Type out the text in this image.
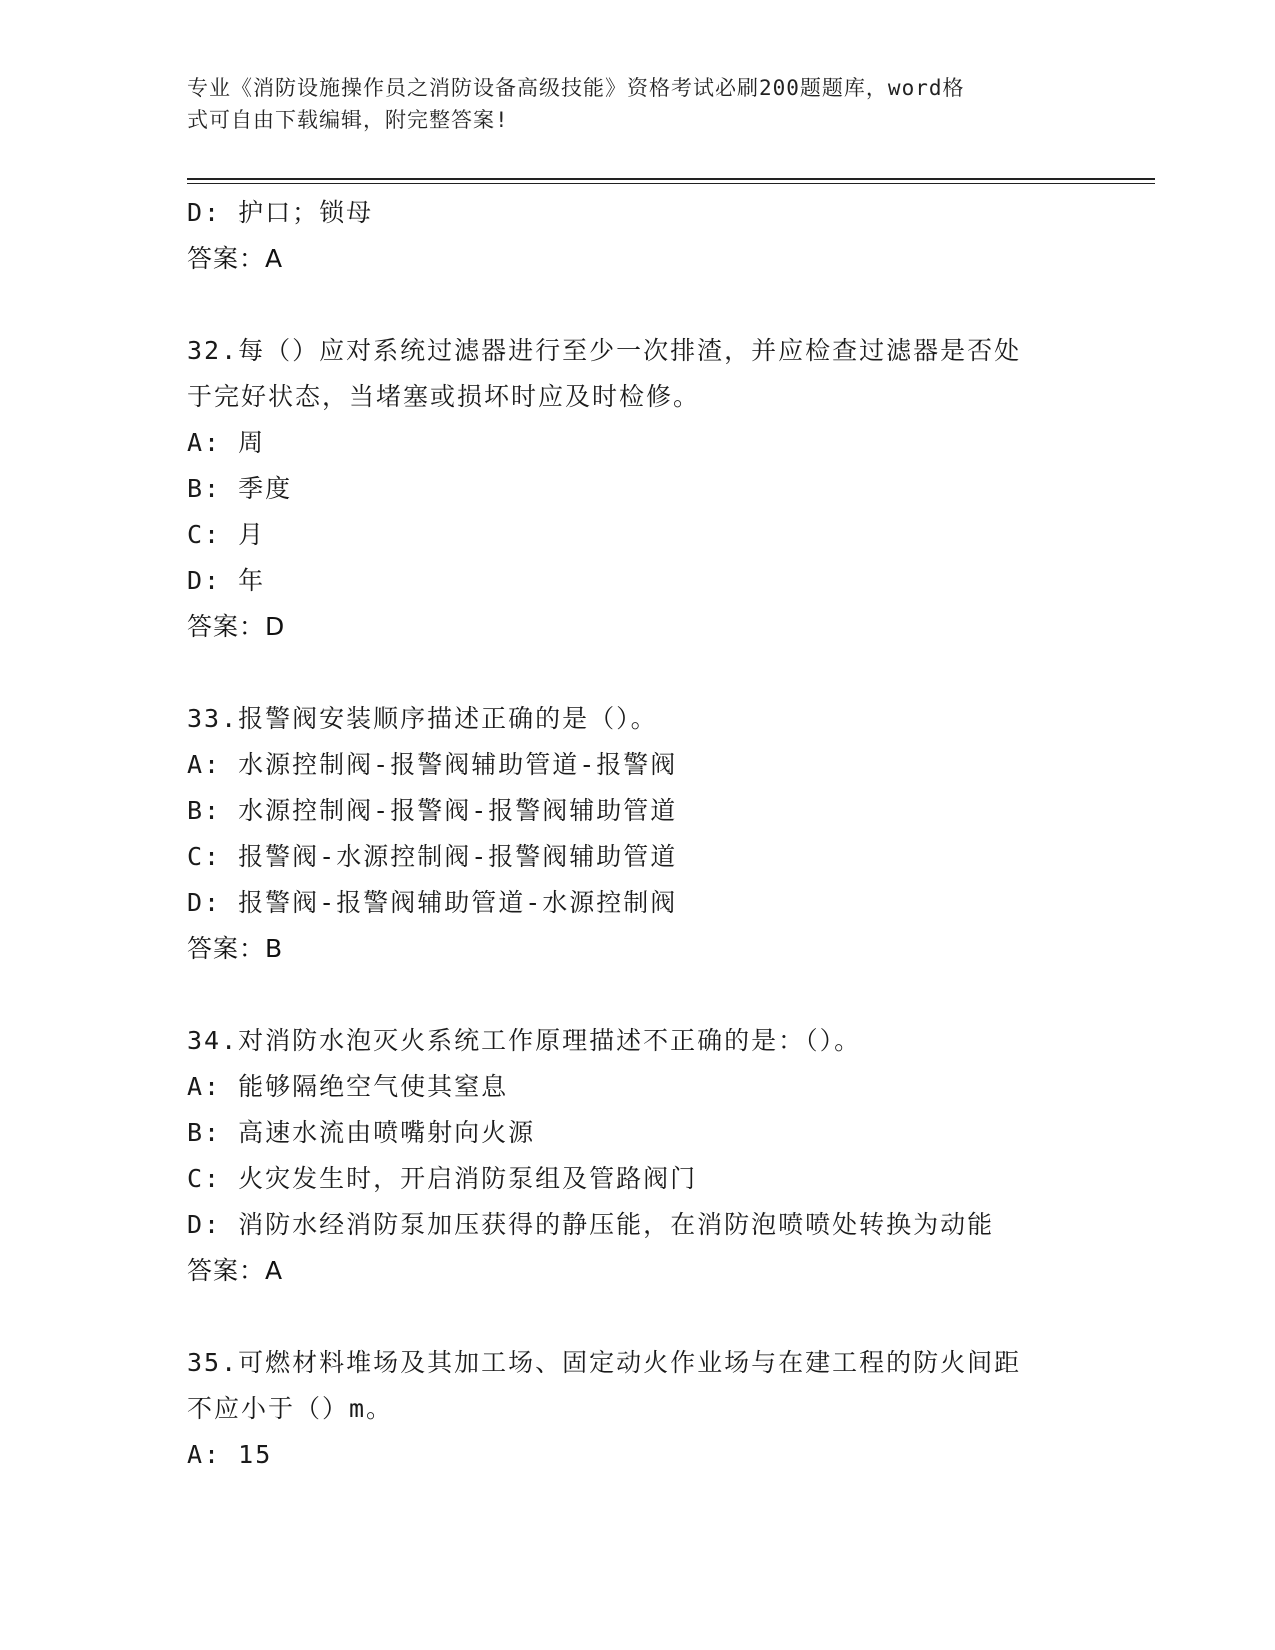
专业《消防设施操作员之消防设备高级技能》资格考试必刷200题题库，word格
式可自由下载编辑，附完整答案!
D: 护口；锁母
答案：A
32.每（）应对系统过滤器进行至少一次排渣，并应检查过滤器是否处
于完好状态，当堵塞或损坏时应及时检修。
A: 周
B: 季度
C: 月
D: 年
答案：D
33.报警阀安装顺序描述正确的是（）。
A: 水源控制阀-报警阀辅助管道-报警阀
B: 水源控制阀-报警阀-报警阀辅助管道
C: 报警阀-水源控制阀-报警阀辅助管道
D: 报警阀-报警阀辅助管道-水源控制阀
答案：B
34.对消防水泡灭火系统工作原理描述不正确的是：（）。
A: 能够隔绝空气使其窒息
B: 高速水流由喷嘴射向火源
C: 火灾发生时，开启消防泵组及管路阀门
D: 消防水经消防泵加压获得的静压能，在消防泡喷喷处转换为动能
答案：A
35.可燃材料堆场及其加工场、固定动火作业场与在建工程的防火间距
不应小于（）m。
A: 15
